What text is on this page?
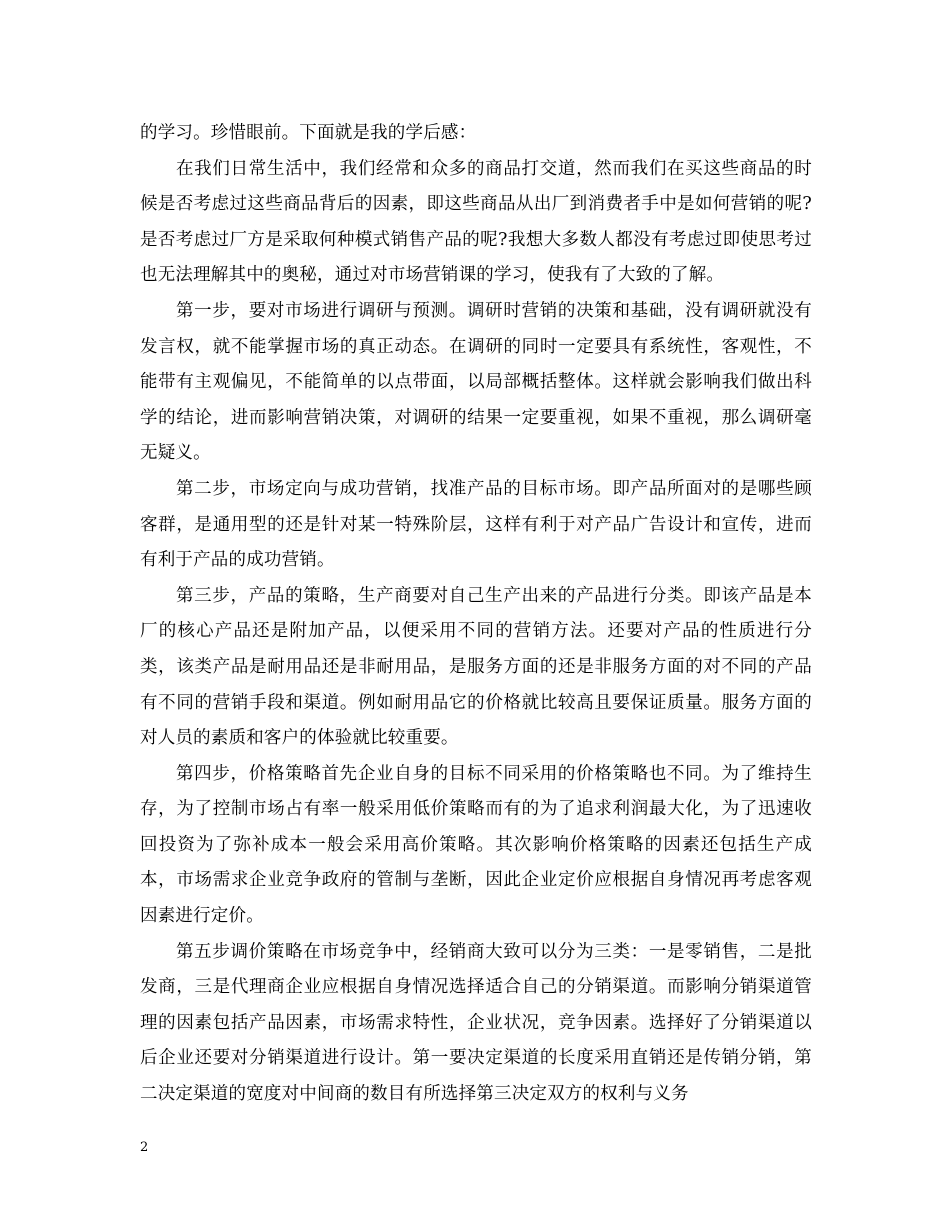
的学习。珍惜眼前。下面就是我的学后感：

在我们日常生活中，我们经常和众多的商品打交道，然而我们在买这些商品的时候是否考虑过这些商品背后的因素，即这些商品从出厂到消费者手中是如何营销的呢?是否考虑过厂方是采取何种模式销售产品的呢?我想大多数人都没有考虑过即使思考过也无法理解其中的奥秘，通过对市场营销课的学习，使我有了大致的了解。

第一步，要对市场进行调研与预测。调研时营销的决策和基础，没有调研就没有发言权，就不能掌握市场的真正动态。在调研的同时一定要具有系统性，客观性，不能带有主观偏见，不能简单的以点带面，以局部概括整体。这样就会影响我们做出科学的结论，进而影响营销决策，对调研的结果一定要重视，如果不重视，那么调研毫无疑义。

第二步，市场定向与成功营销，找准产品的目标市场。即产品所面对的是哪些顾客群，是通用型的还是针对某一特殊阶层，这样有利于对产品广告设计和宣传，进而有利于产品的成功营销。

第三步，产品的策略，生产商要对自己生产出来的产品进行分类。即该产品是本厂的核心产品还是附加产品，以便采用不同的营销方法。还要对产品的性质进行分类，该类产品是耐用品还是非耐用品，是服务方面的还是非服务方面的对不同的产品有不同的营销手段和渠道。例如耐用品它的价格就比较高且要保证质量。服务方面的对人员的素质和客户的体验就比较重要。

第四步，价格策略首先企业自身的目标不同采用的价格策略也不同。为了维持生存，为了控制市场占有率一般采用低价策略而有的为了追求利润最大化，为了迅速收回投资为了弥补成本一般会采用高价策略。其次影响价格策略的因素还包括生产成本，市场需求企业竞争政府的管制与垄断，因此企业定价应根据自身情况再考虑客观因素进行定价。

第五步调价策略在市场竞争中，经销商大致可以分为三类：一是零销售，二是批发商，三是代理商企业应根据自身情况选择适合自己的分销渠道。而影响分销渠道管理的因素包括产品因素，市场需求特性，企业状况，竞争因素。选择好了分销渠道以后企业还要对分销渠道进行设计。第一要决定渠道的长度采用直销还是传销分销，第二决定渠道的宽度对中间商的数目有所选择第三决定双方的权利与义务

2
